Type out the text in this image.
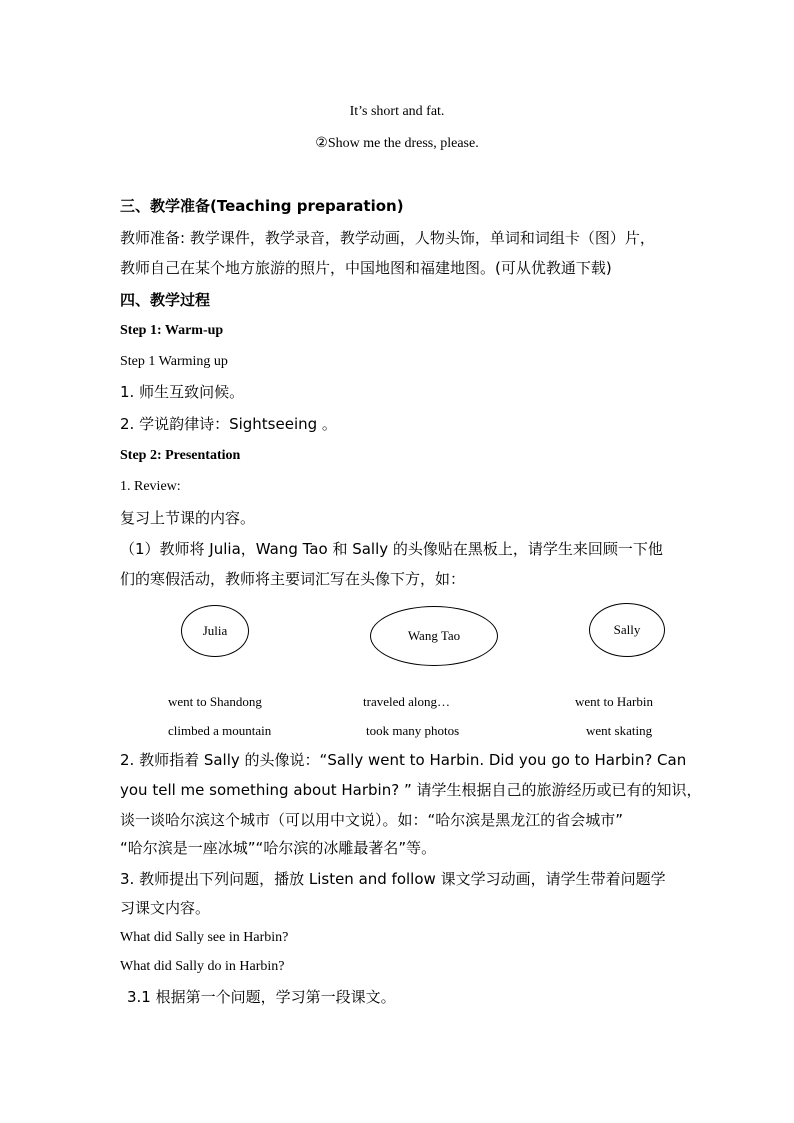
It’s short and fat.
②Show me the dress, please.
三、教学准备(Teaching preparation)
教师准备: 教学课件，教学录音，教学动画，人物头饰，单词和词组卡（图）片，
教师自己在某个地方旅游的照片，中国地图和福建地图。(可从优教通下载)
四、教学过程
Step 1: Warm-up
Step 1 Warming up
1. 师生互致问候。
2. 学说韵律诗：Sightseeing 。
Step 2: Presentation
1. Review:
复习上节课的内容。
（1）教师将 Julia，Wang Tao 和 Sally 的头像贴在黑板上，请学生来回顾一下他
们的寒假活动，教师将主要词汇写在头像下方，如：
Julia	Wang Tao	Sally
went to Shandong	traveled along…	went to Harbin
climbed a mountain	took many photos	went skating
2. 教师指着 Sally 的头像说：“Sally went to Harbin. Did you go to Harbin? Can
you tell me something about Harbin? ” 请学生根据自己的旅游经历或已有的知识，
谈一谈哈尔滨这个城市（可以用中文说）。如：“哈尔滨是黑龙江的省会城市”
“哈尔滨是一座冰城”“哈尔滨的冰雕最著名”等。
3. 教师提出下列问题，播放 Listen and follow 课文学习动画，请学生带着问题学
习课文内容。
What did Sally see in Harbin?
What did Sally do in Harbin?
3.1 根据第一个问题，学习第一段课文。
